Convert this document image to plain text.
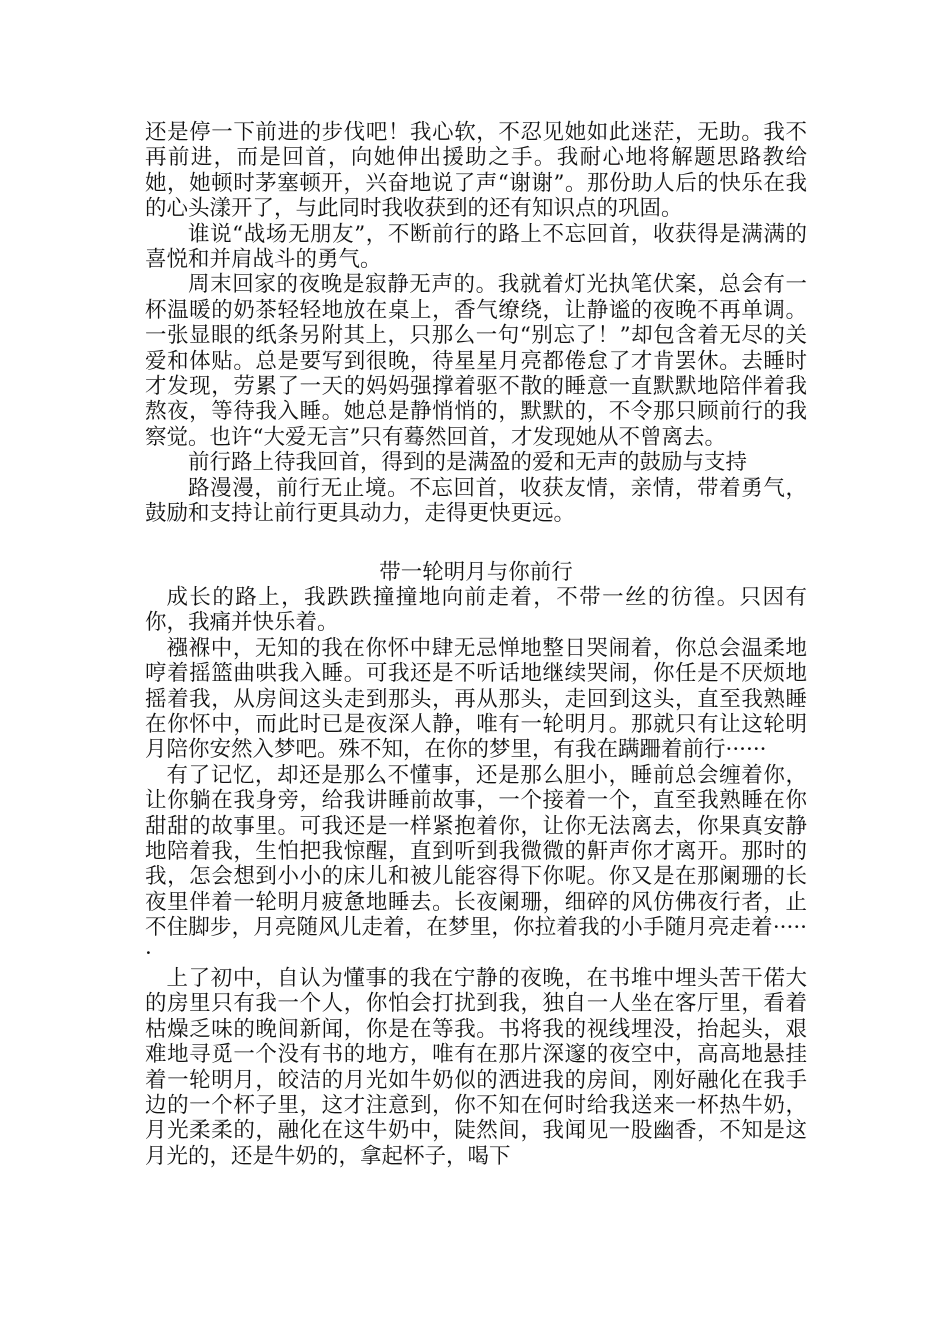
还是停一下前进的步伐吧！我心软，不忍见她如此迷茫，无助。我不再前进，而是回首，向她伸出援助之手。我耐心地将解题思路教给她，她顿时茅塞顿开，兴奋地说了声“谢谢”。那份助人后的快乐在我的心头漾开了，与此同时我收获到的还有知识点的巩固。

谁说“战场无朋友”，不断前行的路上不忘回首，收获得是满满的喜悦和并肩战斗的勇气。

周末回家的夜晚是寂静无声的。我就着灯光执笔伏案，总会有一杯温暖的奶茶轻轻地放在桌上，香气缭绕，让静谧的夜晚不再单调。一张显眼的纸条另附其上，只那么一句“别忘了！”却包含着无尽的关爱和体贴。总是要写到很晚，待星星月亮都倦怠了才肯罢休。去睡时才发现，劳累了一天的妈妈强撑着驱不散的睡意一直默默地陪伴着我熬夜，等待我入睡。她总是静悄悄的，默默的，不令那只顾前行的我察觉。也许“大爱无言”只有蓦然回首，才发现她从不曾离去。

前行路上待我回首，得到的是满盈的爱和无声的鼓励与支持

路漫漫，前行无止境。不忘回首，收获友情，亲情，带着勇气，鼓励和支持让前行更具动力，走得更快更远。

带一轮明月与你前行

成长的路上，我跌跌撞撞地向前走着，不带一丝的彷徨。只因有你，我痛并快乐着。

襁褓中，无知的我在你怀中肆无忌惮地整日哭闹着，你总会温柔地哼着摇篮曲哄我入睡。可我还是不听话地继续哭闹，你任是不厌烦地摇着我，从房间这头走到那头，再从那头，走回到这头，直至我熟睡在你怀中，而此时已是夜深人静，唯有一轮明月。那就只有让这轮明月陪你安然入梦吧。殊不知，在你的梦里，有我在蹒跚着前行······

有了记忆，却还是那么不懂事，还是那么胆小，睡前总会缠着你，让你躺在我身旁，给我讲睡前故事，一个接着一个，直至我熟睡在你甜甜的故事里。可我还是一样紧抱着你，让你无法离去，你果真安静地陪着我，生怕把我惊醒，直到听到我微微的鼾声你才离开。那时的我，怎会想到小小的床儿和被儿能容得下你呢。你又是在那阑珊的长夜里伴着一轮明月疲惫地睡去。长夜阑珊，细碎的风仿佛夜行者，止不住脚步，月亮随风儿走着，在梦里，你拉着我的小手随月亮走着······

上了初中，自认为懂事的我在宁静的夜晚，在书堆中埋头苦干偌大的房里只有我一个人，你怕会打扰到我，独自一人坐在客厅里，看着枯燥乏味的晚间新闻，你是在等我。书将我的视线埋没，抬起头，艰难地寻觅一个没有书的地方，唯有在那片深邃的夜空中，高高地悬挂着一轮明月，皎洁的月光如牛奶似的洒进我的房间，刚好融化在我手边的一个杯子里，这才注意到，你不知在何时给我送来一杯热牛奶，月光柔柔的，融化在这牛奶中，陡然间，我闻见一股幽香，不知是这月光的，还是牛奶的，拿起杯子，喝下
